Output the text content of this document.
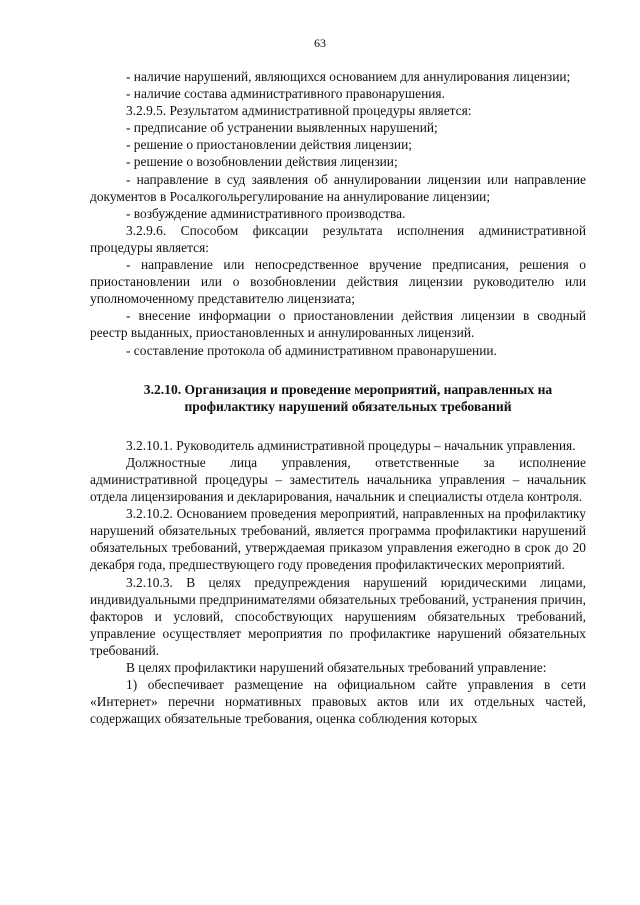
63

- наличие нарушений, являющихся основанием для аннулирования лицензии;

- наличие состава административного правонарушения.

3.2.9.5. Результатом административной процедуры является:

- предписание об устранении выявленных нарушений;

- решение о приостановлении действия лицензии;

- решение о возобновлении действия лицензии;

- направление в суд заявления об аннулировании лицензии или направление документов в Росалкогольрегулирование на аннулирование лицензии;

- возбуждение административного производства.

3.2.9.6. Способом фиксации результата исполнения административной процедуры является:

- направление или непосредственное вручение предписания, решения о приостановлении или о возобновлении действия лицензии руководителю или уполномоченному представителю лицензиата;

- внесение информации о приостановлении действия лицензии в сводный реестр выданных, приостановленных и аннулированных лицензий.

- составление протокола об административном правонарушении.

3.2.10. Организация и проведение мероприятий, направленных на профилактику нарушений обязательных требований

3.2.10.1. Руководитель административной процедуры – начальник управления.

Должностные лица управления, ответственные за исполнение административной процедуры – заместитель начальника управления – начальник отдела лицензирования и декларирования, начальник и специалисты отдела контроля.

3.2.10.2. Основанием проведения мероприятий, направленных на профилактику нарушений обязательных требований, является программа профилактики нарушений обязательных требований, утверждаемая приказом управления ежегодно в срок до 20 декабря года, предшествующего году проведения профилактических мероприятий.

3.2.10.3. В целях предупреждения нарушений юридическими лицами, индивидуальными предпринимателями обязательных требований, устранения причин, факторов и условий, способствующих нарушениям обязательных требований, управление осуществляет мероприятия по профилактике нарушений обязательных требований.

В целях профилактики нарушений обязательных требований управление:

1) обеспечивает размещение на официальном сайте управления в сети «Интернет» перечни нормативных правовых актов или их отдельных частей, содержащих обязательные требования, оценка соблюдения которых
